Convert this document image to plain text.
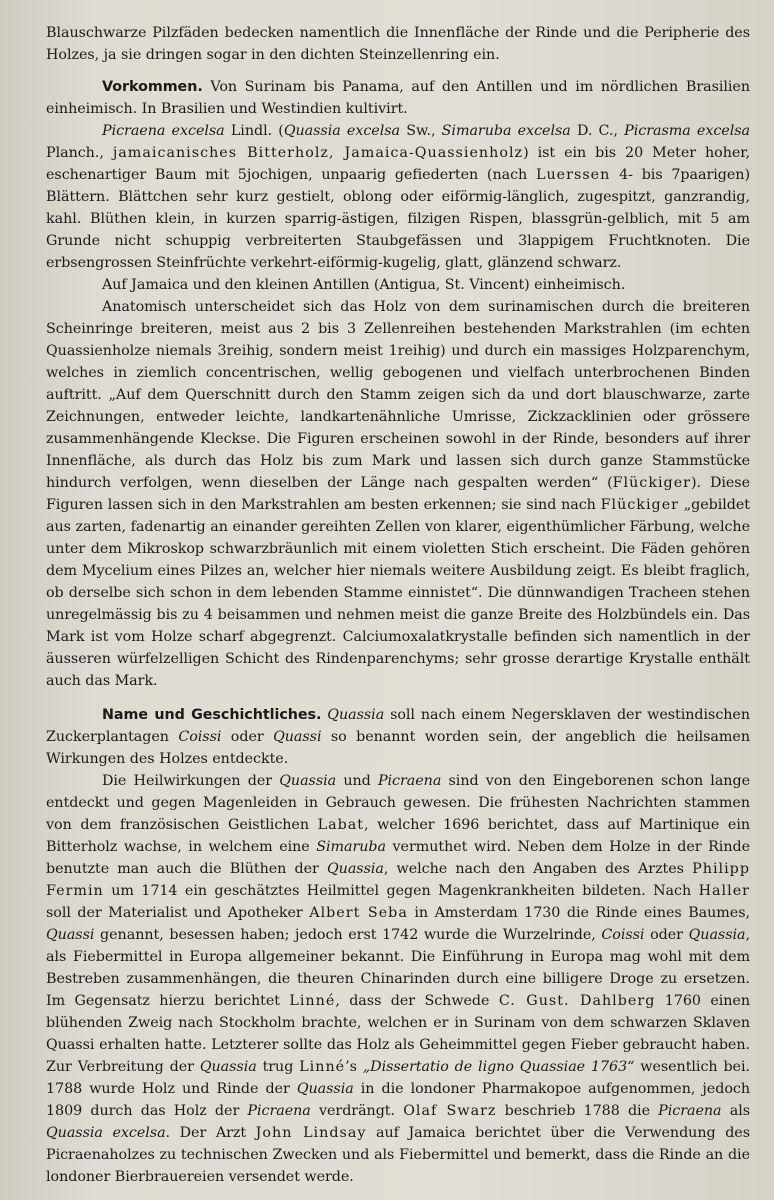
Blauschwarze Pilzfäden bedecken namentlich die Innenfläche der Rinde und die Peripherie des Holzes, ja sie dringen sogar in den dichten Steinzellenring ein.

Vorkommen. Von Surinam bis Panama, auf den Antillen und im nördlichen Brasilien einheimisch. In Brasilien und Westindien kultivirt.

Picraena excelsa Lindl. (Quassia excelsa Sw., Simaruba excelsa D. C., Picrasma excelsa Planch., jamaicanisches Bitterholz, Jamaica-Quassienholz) ist ein bis 20 Meter hoher, eschenartiger Baum mit 5jochigen, unpaarig gefiederten (nach Luerssen 4- bis 7paarigen) Blättern. Blättchen sehr kurz gestielt, oblong oder eiförmig-länglich, zugespitzt, ganzrandig, kahl. Blüthen klein, in kurzen sparrig-ästigen, filzigen Rispen, blassgrün-gelblich, mit 5 am Grunde nicht schuppig verbreiterten Staubgefässen und 3lappigem Fruchtknoten. Die erbsengrossen Steinfrüchte verkehrt-eiförmig-kugelig, glatt, glänzend schwarz.

Auf Jamaica und den kleinen Antillen (Antigua, St. Vincent) einheimisch.

Anatomisch unterscheidet sich das Holz von dem surinamischen durch die breiteren Scheinringe breiteren, meist aus 2 bis 3 Zellenreihen bestehenden Markstrahlen (im echten Quassienholze niemals 3reihig, sondern meist 1reihig) und durch ein massiges Holzparenchym, welches in ziemlich concentrischen, wellig gebogenen und vielfach unterbrochenen Binden auftritt. „Auf dem Querschnitt durch den Stamm zeigen sich da und dort blauschwarze, zarte Zeichnungen, entweder leichte, landkartenähnliche Umrisse, Zickzacklinien oder grössere zusammenhängende Kleckse. Die Figuren erscheinen sowohl in der Rinde, besonders auf ihrer Innenfläche, als durch das Holz bis zum Mark und lassen sich durch ganze Stammstücke hindurch verfolgen, wenn dieselben der Länge nach gespalten werden“ (Flückiger). Diese Figuren lassen sich in den Markstrahlen am besten erkennen; sie sind nach Flückiger „gebildet aus zarten, fadenartig an einander gereihten Zellen von klarer, eigenthümlicher Färbung, welche unter dem Mikroskop schwarzbräunlich mit einem violetten Stich erscheint. Die Fäden gehören dem Mycelium eines Pilzes an, welcher hier niemals weitere Ausbildung zeigt. Es bleibt fraglich, ob derselbe sich schon in dem lebenden Stamme einnistet“. Die dünnwandigen Tracheen stehen unregelmässig bis zu 4 beisammen und nehmen meist die ganze Breite des Holzbündels ein. Das Mark ist vom Holze scharf abgegrenzt. Calciumoxalatkrystalle befinden sich namentlich in der äusseren würfelzelligen Schicht des Rindenparenchyms; sehr grosse derartige Krystalle enthält auch das Mark.

Name und Geschichtliches. Quassia soll nach einem Negersklaven der westindischen Zuckerplantagen Coissi oder Quassi so benannt worden sein, der angeblich die heilsamen Wirkungen des Holzes entdeckte.

Die Heilwirkungen der Quassia und Picraena sind von den Eingeborenen schon lange entdeckt und gegen Magenleiden in Gebrauch gewesen. Die frühesten Nachrichten stammen von dem französischen Geistlichen Labat, welcher 1696 berichtet, dass auf Martinique ein Bitterholz wachse, in welchem eine Simaruba vermuthet wird. Neben dem Holze in der Rinde benutzte man auch die Blüthen der Quassia, welche nach den Angaben des Arztes Philipp Fermin um 1714 ein geschätztes Heilmittel gegen Magenkrankheiten bildeten. Nach Haller soll der Materialist und Apotheker Albert Seba in Amsterdam 1730 die Rinde eines Baumes, Quassi genannt, besessen haben; jedoch erst 1742 wurde die Wurzelrinde, Coissi oder Quassia, als Fiebermittel in Europa allgemeiner bekannt. Die Einführung in Europa mag wohl mit dem Bestreben zusammenhängen, die theuren Chinarinden durch eine billigere Droge zu ersetzen. Im Gegensatz hierzu berichtet Linné, dass der Schwede C. Gust. Dahlberg 1760 einen blühenden Zweig nach Stockholm brachte, welchen er in Surinam von dem schwarzen Sklaven Quassi erhalten hatte. Letzterer sollte das Holz als Geheimmittel gegen Fieber gebraucht haben. Zur Verbreitung der Quassia trug Linné’s „Dissertatio de ligno Quassiae 1763“ wesentlich bei. 1788 wurde Holz und Rinde der Quassia in die londoner Pharmakopoe aufgenommen, jedoch 1809 durch das Holz der Picraena verdrängt. Olaf Swarz beschrieb 1788 die Picraena als Quassia excelsa. Der Arzt John Lindsay auf Jamaica berichtet über die Verwendung des Picraenaholzes zu technischen Zwecken und als Fiebermittel und bemerkt, dass die Rinde an die londoner Bierbrauereien versendet werde.
